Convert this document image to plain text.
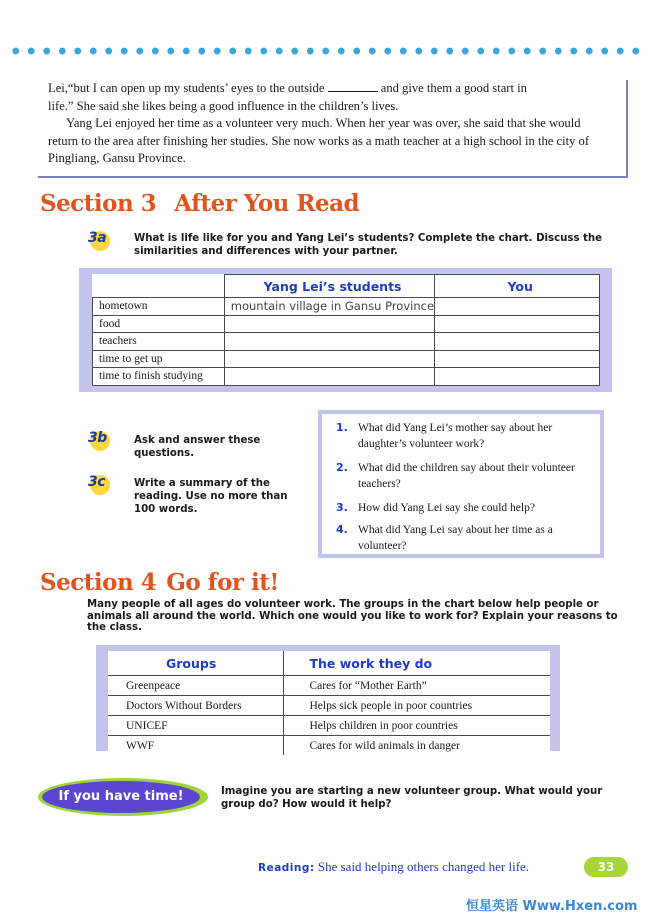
Lei,“but I can open up my students’ eyes to the outside	and give them a good start in

life.” She said she likes being a good influence in the children’s lives.

Yang Lei enjoyed her time as a volunteer very much. When her year was over, she said that she would return to the area after finishing her studies. She now works as a math teacher at a high school in the city of Pingliang, Gansu Province.

Section 3 After You Read
3a	What is life like for you and Yang Lei’s students? Complete the chart. Discuss the similarities and differences with your partner.
	Yang Lei’s students	You
hometown	mountain village in Gansu Province	
food		
teachers		
time to get up		
time to finish studying		
3b	Ask and answer these questions.
3c	Write a summary of the reading. Use no more than 100 words.
1. What did Yang Lei’s mother say about her daughter’s volunteer work?
2. What did the children say about their volunteer teachers?
3. How did Yang Lei say she could help?
4. What did Yang Lei say about her time as a volunteer?
Section 4 Go for it!
Many people of all ages do volunteer work. The groups in the chart below help people or animals all around the world. Which one would you like to work for? Explain your reasons to the class.
Groups	The work they do
Greenpeace	Cares for “Mother Earth”
Doctors Without Borders	Helps sick people in poor countries
UNICEF	Helps children in poor countries
WWF	Cares for wild animals in danger
If you have time!	Imagine you are starting a new volunteer group. What would your group do? How would it help?
Reading: She said helping others changed her life.	33
恒星英语 Www.Hxen.com
